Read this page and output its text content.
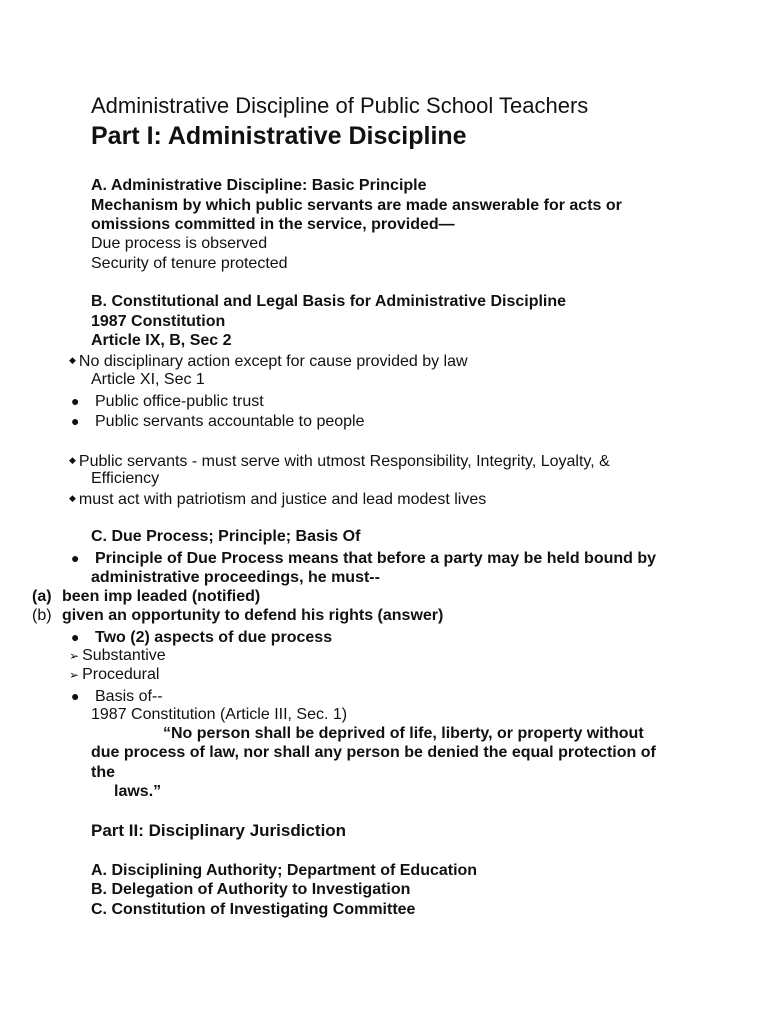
Administrative Discipline of Public School Teachers
Part I: Administrative Discipline
A. Administrative Discipline: Basic Principle
Mechanism by which public servants are made answerable for acts or
omissions committed in the service, provided—
Due process is observed
Security of tenure protected
B. Constitutional and Legal Basis for Administrative Discipline
1987 Constitution
Article IX, B, Sec 2
◆ No disciplinary action except for cause provided by law
Article XI, Sec 1
● Public office-public trust
● Public servants accountable to people
◆ Public servants - must serve with utmost Responsibility, Integrity, Loyalty, &
Efficiency
◆ must act with patriotism and justice and lead modest lives
C. Due Process; Principle; Basis Of
● Principle of Due Process means that before a party may be held bound by
administrative proceedings, he must--
(a) been imp leaded (notified)
(b) given an opportunity to defend his rights (answer)
● Two (2) aspects of due process
➢ Substantive
➢ Procedural
● Basis of--
1987 Constitution (Article III, Sec. 1)
“No person shall be deprived of life, liberty, or property without
due process of law, nor shall any person be denied the equal protection of
the
laws.”
Part II: Disciplinary Jurisdiction
A. Disciplining Authority; Department of Education
B. Delegation of Authority to Investigation
C. Constitution of Investigating Committee
